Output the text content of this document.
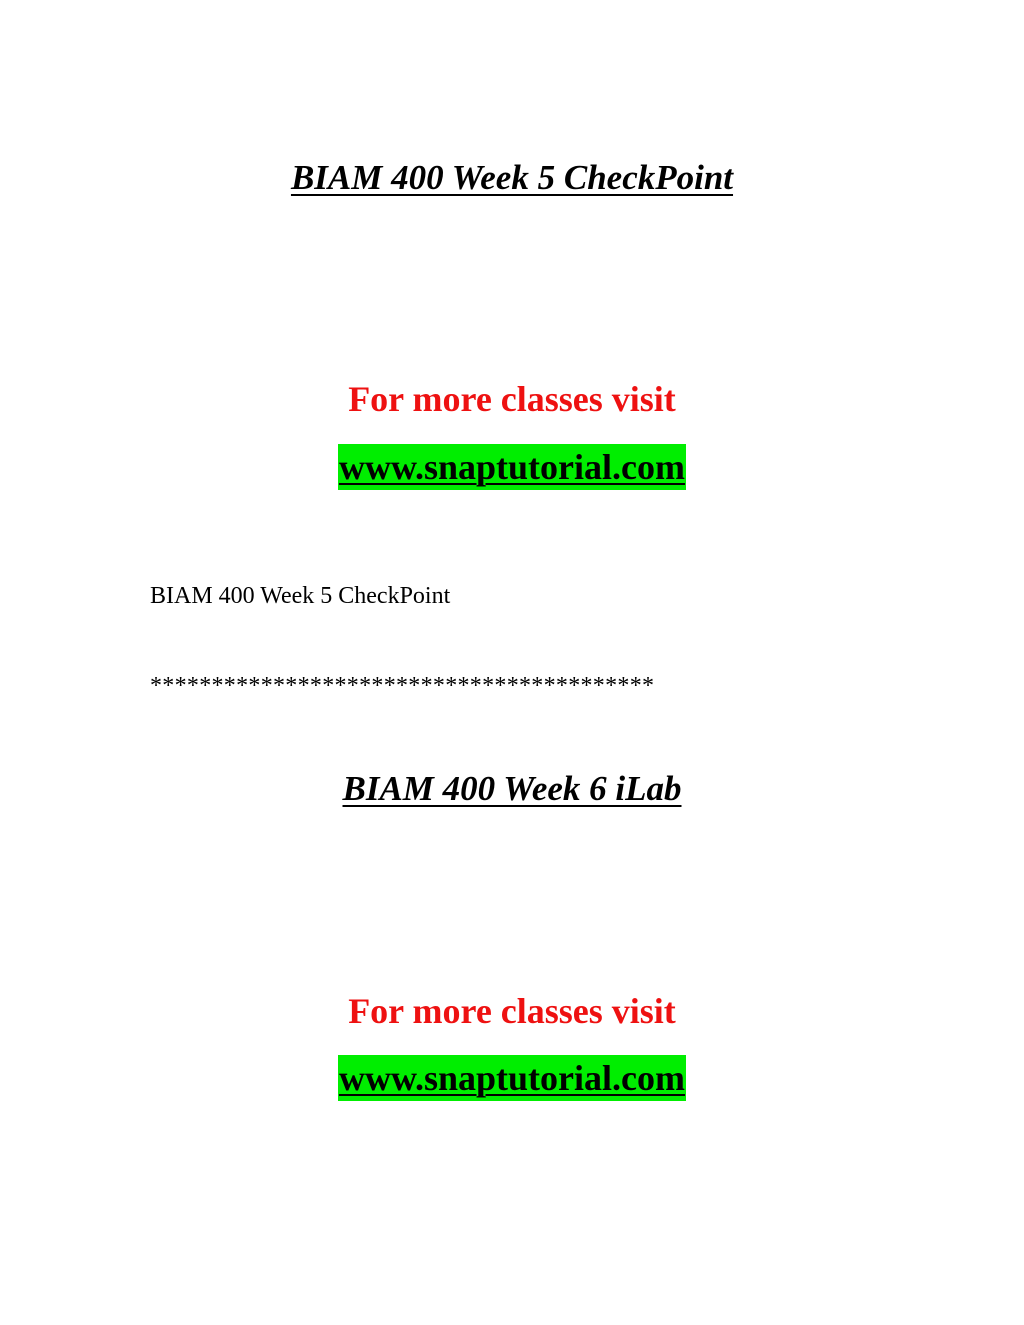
BIAM 400 Week 5 CheckPoint
For more classes visit
www.snaptutorial.com
BIAM 400 Week 5 CheckPoint
*****************************************
BIAM 400 Week 6 iLab
For more classes visit
www.snaptutorial.com
